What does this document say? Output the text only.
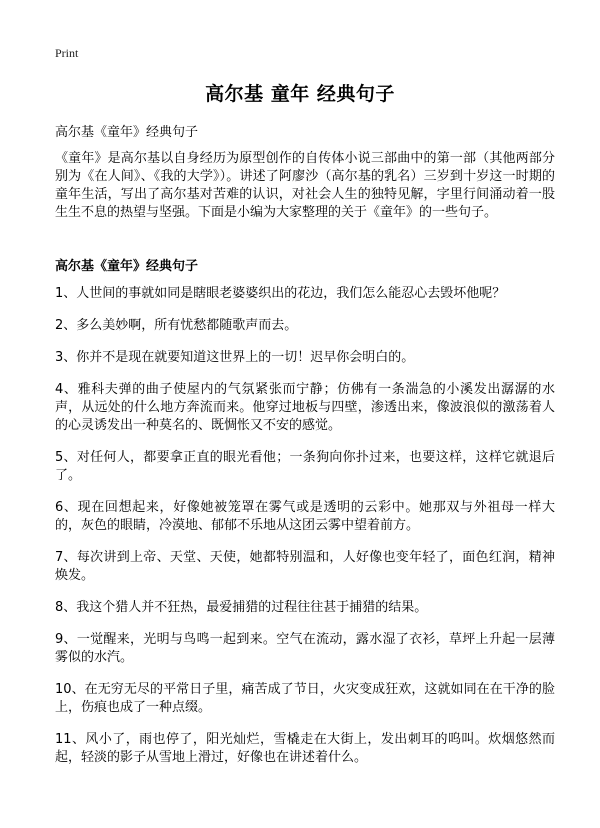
Print
高尔基 童年 经典句子
高尔基《童年》经典句子
《童年》是高尔基以自身经历为原型创作的自传体小说三部曲中的第一部（其他两部分别为《在人间》、《我的大学》）。讲述了阿廖沙（高尔基的乳名）三岁到十岁这一时期的童年生活，写出了高尔基对苦难的认识，对社会人生的独特见解，字里行间涌动着一股生生不息的热望与坚强。下面是小编为大家整理的关于《童年》的一些句子。
高尔基《童年》经典句子

1、人世间的事就如同是瞎眼老婆婆织出的花边，我们怎么能忍心去毁坏他呢？

2、多么美妙啊，所有忧愁都随歌声而去。

3、你并不是现在就要知道这世界上的一切！迟早你会明白的。

4、雅科夫弹的曲子使屋内的气氛紧张而宁静；仿佛有一条湍急的小溪发出潺潺的水声，从远处的什么地方奔流而来。他穿过地板与四壁，渗透出来，像波浪似的激荡着人的心灵诱发出一种莫名的、既惆怅又不安的感觉。

5、对任何人，都要拿正直的眼光看他；一条狗向你扑过来，也要这样，这样它就退后了。

6、现在回想起来，好像她被笼罩在雾气或是透明的云彩中。她那双与外祖母一样大的，灰色的眼睛，冷漠地、郁郁不乐地从这团云雾中望着前方。

7、每次讲到上帝、天堂、天使，她都特别温和，人好像也变年轻了，面色红润，精神焕发。

8、我这个猎人并不狂热，最爱捕猎的过程往往甚于捕猎的结果。

9、一觉醒来，光明与鸟鸣一起到来。空气在流动，露水湿了衣衫，草坪上升起一层薄雾似的水汽。

10、在无穷无尽的平常日子里，痛苦成了节日，火灾变成狂欢，这就如同在在干净的脸上，伤痕也成了一种点缀。

11、风小了，雨也停了，阳光灿烂，雪橇走在大街上，发出刺耳的呜叫。炊烟悠然而起，轻淡的影子从雪地上滑过，好像也在讲述着什么。
